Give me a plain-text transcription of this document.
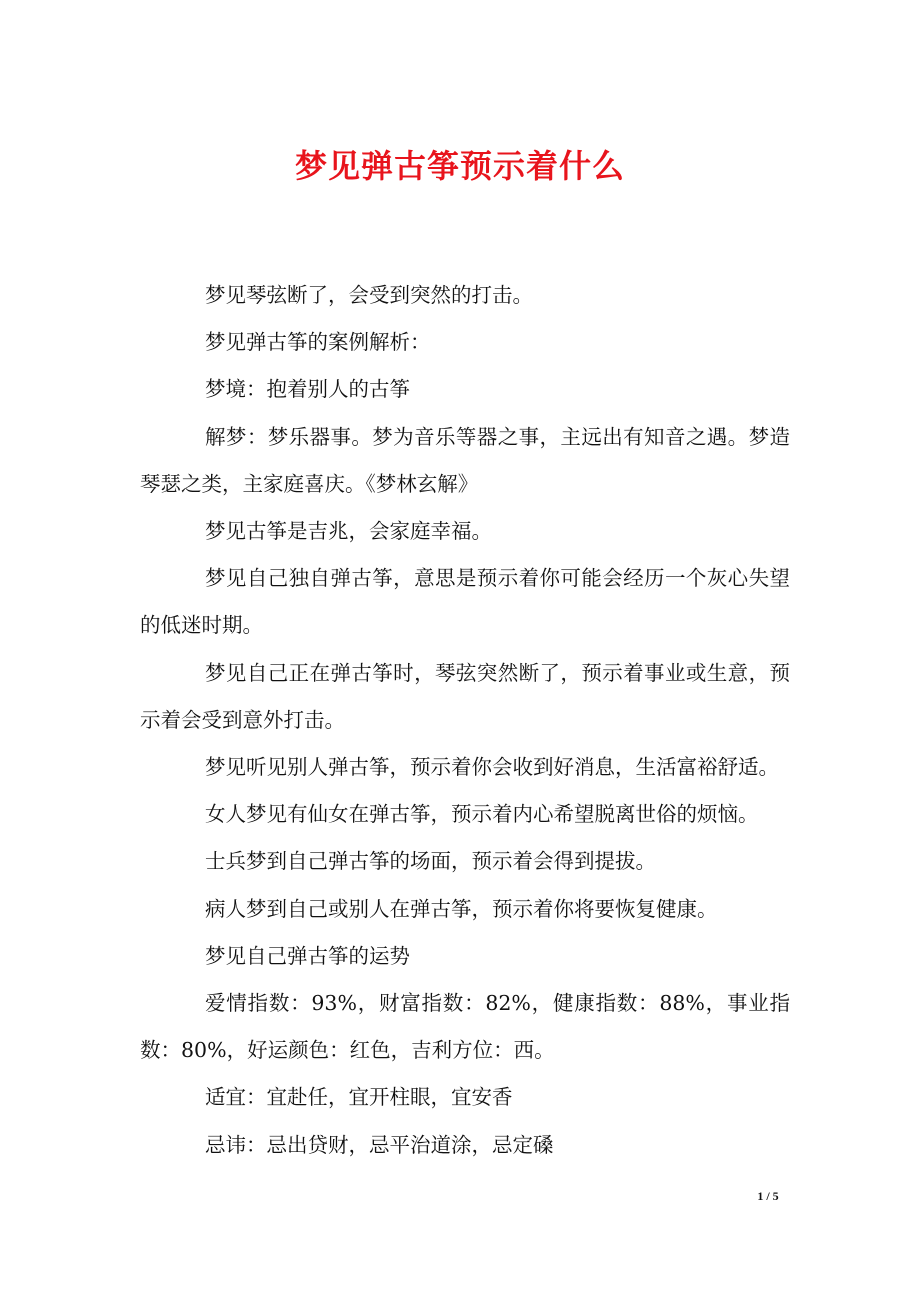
梦见弹古筝预示着什么

梦见琴弦断了，会受到突然的打击。

梦见弹古筝的案例解析：

梦境：抱着别人的古筝

解梦：梦乐器事。梦为音乐等器之事，主远出有知音之遇。梦造琴瑟之类，主家庭喜庆。《梦林玄解》

梦见古筝是吉兆，会家庭幸福。

梦见自己独自弹古筝，意思是预示着你可能会经历一个灰心失望的低迷时期。

梦见自己正在弹古筝时，琴弦突然断了，预示着事业或生意，预示着会受到意外打击。

梦见听见别人弹古筝，预示着你会收到好消息，生活富裕舒适。

女人梦见有仙女在弹古筝，预示着内心希望脱离世俗的烦恼。

士兵梦到自己弹古筝的场面，预示着会得到提拔。

病人梦到自己或别人在弹古筝，预示着你将要恢复健康。

梦见自己弹古筝的运势

爱情指数：93%，财富指数：82%，健康指数：88%，事业指数：80%，好运颜色：红色，吉利方位：西。

适宜：宜赴任，宜开柱眼，宜安香

忌讳：忌出贷财，忌平治道涂，忌定磉

1 / 5
